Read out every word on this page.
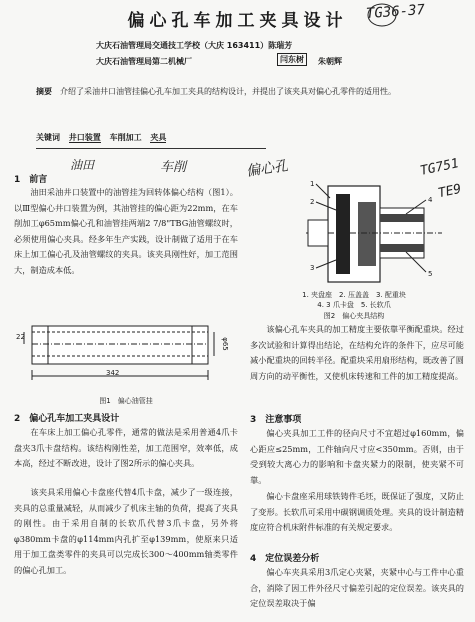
偏心孔车加工夹具设计	TG36-37
大庆石油管理局交通技工学校（大庆 163411）陈瑞芳
大庆石油管理局第二机械厂	闫东树	朱朝辉
摘要 介绍了采油井口油管挂偏心孔车加工夹具的结构设计，并提出了该夹具对偏心孔零件的适用性。
关键词 井口装置 车削加工 夹具
油田	车削	偏心孔	TG751
TE9
1　前言
油田采油井口装置中的油管挂为回转体偏心结构（图1）。以Ⅲ型偏心井口装置为例，其油管挂的偏心距为22mm，在车削加工φ65mm偏心孔和油管挂两端2 7/8"TBG油管螺纹时，必须使用偏心夹具。经多年生产实践，设计制做了适用于在车床上加工偏心孔及油管螺纹的夹具。该夹具刚性好，加工范围大，制造成本低。
342
22
φ65
图1　偏心油管挂
2　偏心孔车加工夹具设计
在车床上加工偏心孔零件，通常的做法是采用普通4爪卡盘夹3爪卡盘结构。该结构刚性差，加工范围窄，效率低，成本高，经过不断改进，设计了图2所示的偏心夹具。
该夹具采用偏心卡盘座代替4爪卡盘，减少了一级连接，夹具的总重量减轻，从而减少了机床主轴的负荷，提高了夹具的刚性。由于采用自制的长软爪代替3爪卡盘，另外将φ380mm卡盘的φ114mm内孔扩至φ139mm，使原来只适用于加工盘类零件的夹具可以完成长300～400mm轴类零件的偏心孔加工。
1
2
3
4
5
1. 夹盘座　2. 压盖盖　3. 配重块
4. 3 爪卡盘　5. 长软爪
图2　偏心夹具结构
该偏心孔车夹具的加工精度主要依靠平衡配重块。经过多次试验和计算得出结论，在结构允许的条件下，应尽可能减小配重块的回转半径。配重块采用扇形结构，既改善了圆周方向的动平衡性，又使机床转速和工件的加工精度提高。
3　注意事项
偏心夹具加工工件的径向尺寸不宜超过φ160mm，偏心距应≤25mm，工件轴向尺寸应<350mm。否则，由于受到较大离心力的影响和卡盘夹紧力的限制，使夹紧不可靠。
偏心卡盘座采用球铁铸件毛坯，既保证了强度，又防止了变形。长软爪可采用中碳钢调质处理。夹具的设计制造精度应符合机床附件标准的有关规定要求。
4　定位误差分析
偏心车夹具采用3爪定心夹紧，夹紧中心与工件中心重合，消除了因工件外径尺寸偏差引起的定位误差。该夹具的定位误差取决于偏
